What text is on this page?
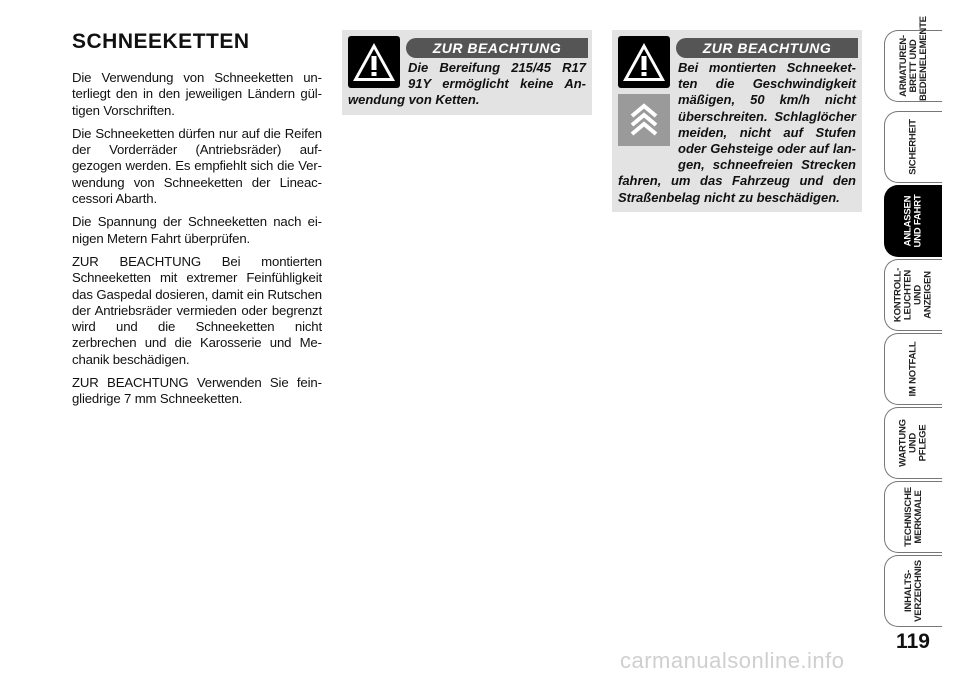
SCHNEEKETTEN

Die Verwendung von Schneeketten unterliegt den in den jeweiligen Ländern gültigen Vorschriften.

Die Schneeketten dürfen nur auf die Reifen der Vorderräder (Antriebsräder) aufgezogen werden. Es empfiehlt sich die Verwendung von Schneeketten der Lineaccessori Abarth.

Die Spannung der Schneeketten nach einigen Metern Fahrt überprüfen.

ZUR BEACHTUNG Bei montierten Schneeketten mit extremer Feinfühligkeit das Gaspedal dosieren, damit ein Rutschen der Antriebsräder vermieden oder begrenzt wird und die Schneeketten nicht zerbrechen und die Karosserie und Mechanik beschädigen.

ZUR BEACHTUNG Verwenden Sie feingliedrige 7 mm Schneeketten.

ZUR BEACHTUNG

Die Bereifung 215/45 R17 91Y ermöglicht keine Anwendung von Ketten.

ZUR BEACHTUNG

Bei montierten Schneeketten die Geschwindigkeit mäßigen, 50 km/h nicht überschreiten. Schlaglöcher meiden, nicht auf Stufen oder Gehsteige oder auf langen, schneefreien Strecken fahren, um das Fahrzeug und den Straßenbelag nicht zu beschädigen.

ARMATUREN-
BRETT UND
BEDIENELEMENTE
SICHERHEIT
ANLASSEN
UND FAHRT
KONTROLL-
LEUCHTEN UND
ANZEIGEN
IM NOTFALL
WARTUNG UND
PFLEGE
TECHNISCHE
MERKMALE
INHALTS-
VERZEICHNIS
119
carmanualsonline.info
